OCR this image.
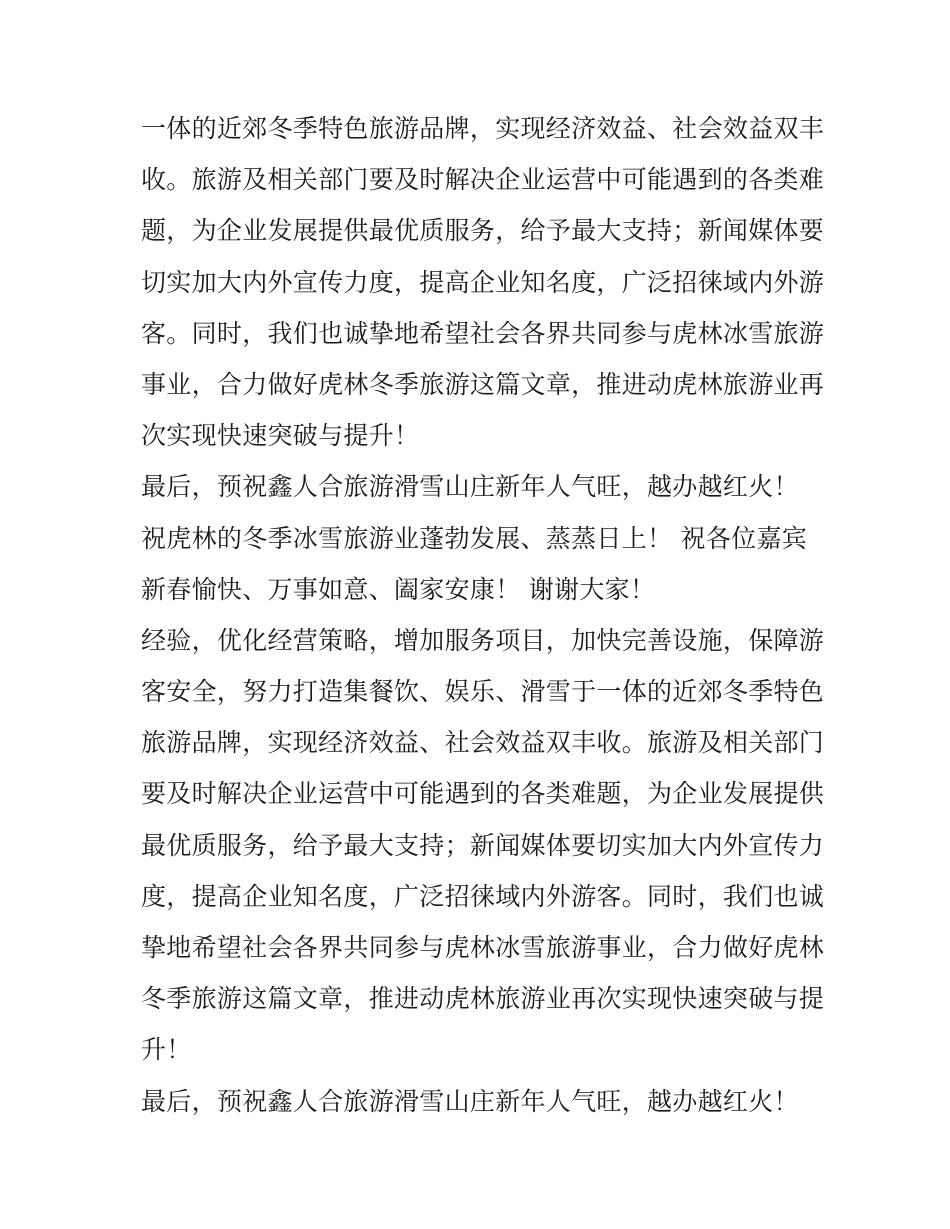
一体的近郊冬季特色旅游品牌，实现经济效益、社会效益双丰
收。旅游及相关部门要及时解决企业运营中可能遇到的各类难
题，为企业发展提供最优质服务，给予最大支持；新闻媒体要
切实加大内外宣传力度，提高企业知名度，广泛招徕域内外游
客。同时，我们也诚挚地希望社会各界共同参与虎林冰雪旅游
事业，合力做好虎林冬季旅游这篇文章，推进动虎林旅游业再
次实现快速突破与提升！
最后，预祝鑫人合旅游滑雪山庄新年人气旺，越办越红火！
祝虎林的冬季冰雪旅游业蓬勃发展、蒸蒸日上！ 祝各位嘉宾
新春愉快、万事如意、阖家安康！ 谢谢大家！
经验，优化经营策略，增加服务项目，加快完善设施，保障游
客安全，努力打造集餐饮、娱乐、滑雪于一体的近郊冬季特色
旅游品牌，实现经济效益、社会效益双丰收。旅游及相关部门
要及时解决企业运营中可能遇到的各类难题，为企业发展提供
最优质服务，给予最大支持；新闻媒体要切实加大内外宣传力
度，提高企业知名度，广泛招徕域内外游客。同时，我们也诚
挚地希望社会各界共同参与虎林冰雪旅游事业，合力做好虎林
冬季旅游这篇文章，推进动虎林旅游业再次实现快速突破与提
升！
最后，预祝鑫人合旅游滑雪山庄新年人气旺，越办越红火！
